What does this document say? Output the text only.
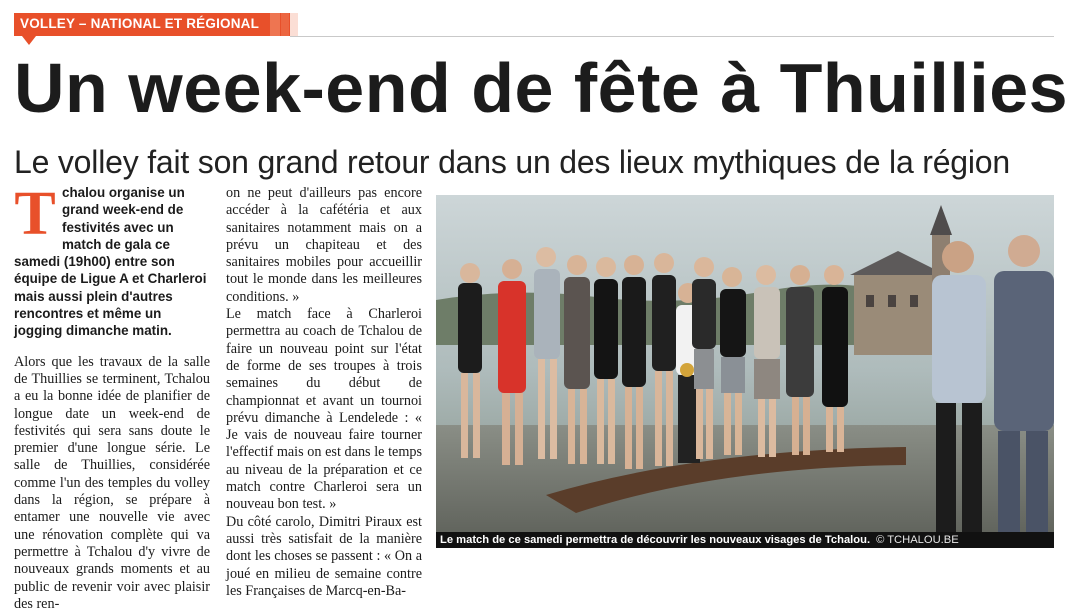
VOLLEY – NATIONAL ET RÉGIONAL
Un week-end de fête à Thuillies
Le volley fait son grand retour dans un des lieux mythiques de la région

Tchalou organise un grand week-end de festivités avec un match de gala ce samedi (19h00) entre son équipe de Ligue A et Charleroi mais aussi plein d'autres rencontres et même un jogging dimanche matin.

Alors que les travaux de la salle de Thuillies se terminent, Tchalou a eu la bonne idée de planifier de longue date un week-end de festivités qui sera sans doute le premier d'une longue série. Le salle de Thuillies, considérée comme l'un des temples du volley dans la région, se prépare à entamer une nouvelle vie avec une rénovation complète qui va permettre à Tchalou d'y vivre de nouveaux grands moments et au public de revenir voir avec plaisir des ren-

on ne peut d'ailleurs pas encore accéder à la cafétéria et aux sanitaires notamment mais on a prévu un chapiteau et des sanitaires mobiles pour accueillir tout le monde dans les meilleures conditions. »

Le match face à Charleroi permettra au coach de Tchalou de faire un nouveau point sur l'état de forme de ses troupes à trois semaines du début de championnat et avant un tournoi prévu dimanche à Lendelede : « Je vais de nouveau faire tourner l'effectif mais on est dans le temps au niveau de la préparation et ce match contre Charleroi sera un nouveau bon test. »

Du côté carolo, Dimitri Piraux est aussi très satisfait de la manière dont les choses se passent : « On a joué en milieu de semaine contre les Françaises de Marcq-en-Ba-

Le match de ce samedi permettra de découvrir les nouveaux visages de Tchalou. © TCHALOU.BE
